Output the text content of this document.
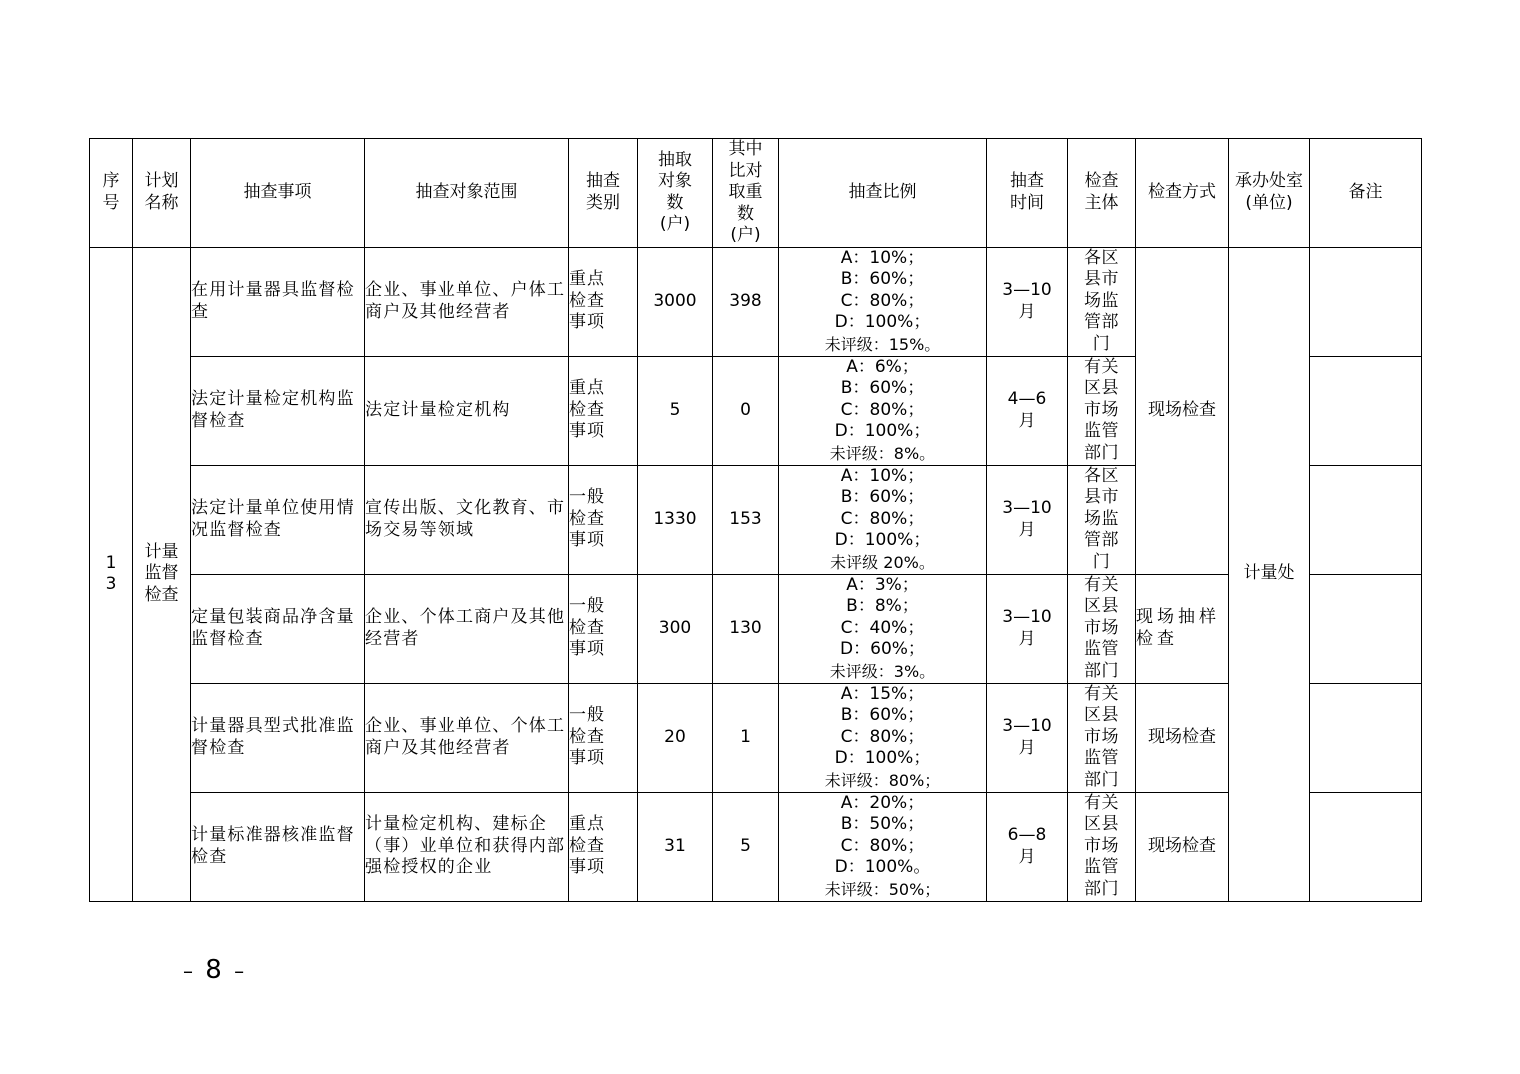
序号	计划名称	抽查事项	抽查对象范围	抽查类别	抽取对象数(户)	其中比对取重数(户)	抽查比例	抽查时间	检查主体	检查方式	承办处室(单位)	备注

13	计量监督检查	在用计量器具监督检查	企业、事业单位、户体工商户及其他经营者	重点检查事项	3000	398	A：10%；
B：60%；
C：80%；
D：100%；
未评级：15%。	3—10月	各区县市场监管部门	现场检查	计量处	
		法定计量检定机构监督检查	法定计量检定机构	重点检查事项	5	0	A：6%；
B：60%；
C：80%；
D：100%；
未评级：8%。	4—6月	有关区县市场监管部门			

		法定计量单位使用情况监督检查	宣传出版、文化教育、市场交易等领域	一般检查事项	1330	153	A：10%；
B：60%；
C：80%；
D：100%；
未评级 20%。	3—10月	各区县市场监管部门			

		定量包装商品净含量监督检查	企业、个体工商户及其他经营者	一般检查事项	300	130	A：3%；
B：8%；
C：40%；
D：60%；
未评级：3%。	3—10月	有关区县市场监管部门	现场抽样检查		
		计量器具型式批准监督检查	企业、事业单位、个体工商户及其他经营者	一般检查事项	20	1	A：15%；
B：60%；
C：80%；
D：100%；
未评级：80%；	3—10月	有关区县市场监管部门	现场检查		
		计量标准器核准监督检查	计量检定机构、建标企（事）业单位和获得内部强检授权的企业	重点检查事项	31	5	A：20%；
B：50%；
C：80%；
D：100%。
未评级：50%；	6—8月	有关区县市场监管部门	现场检查		
– 8 –
